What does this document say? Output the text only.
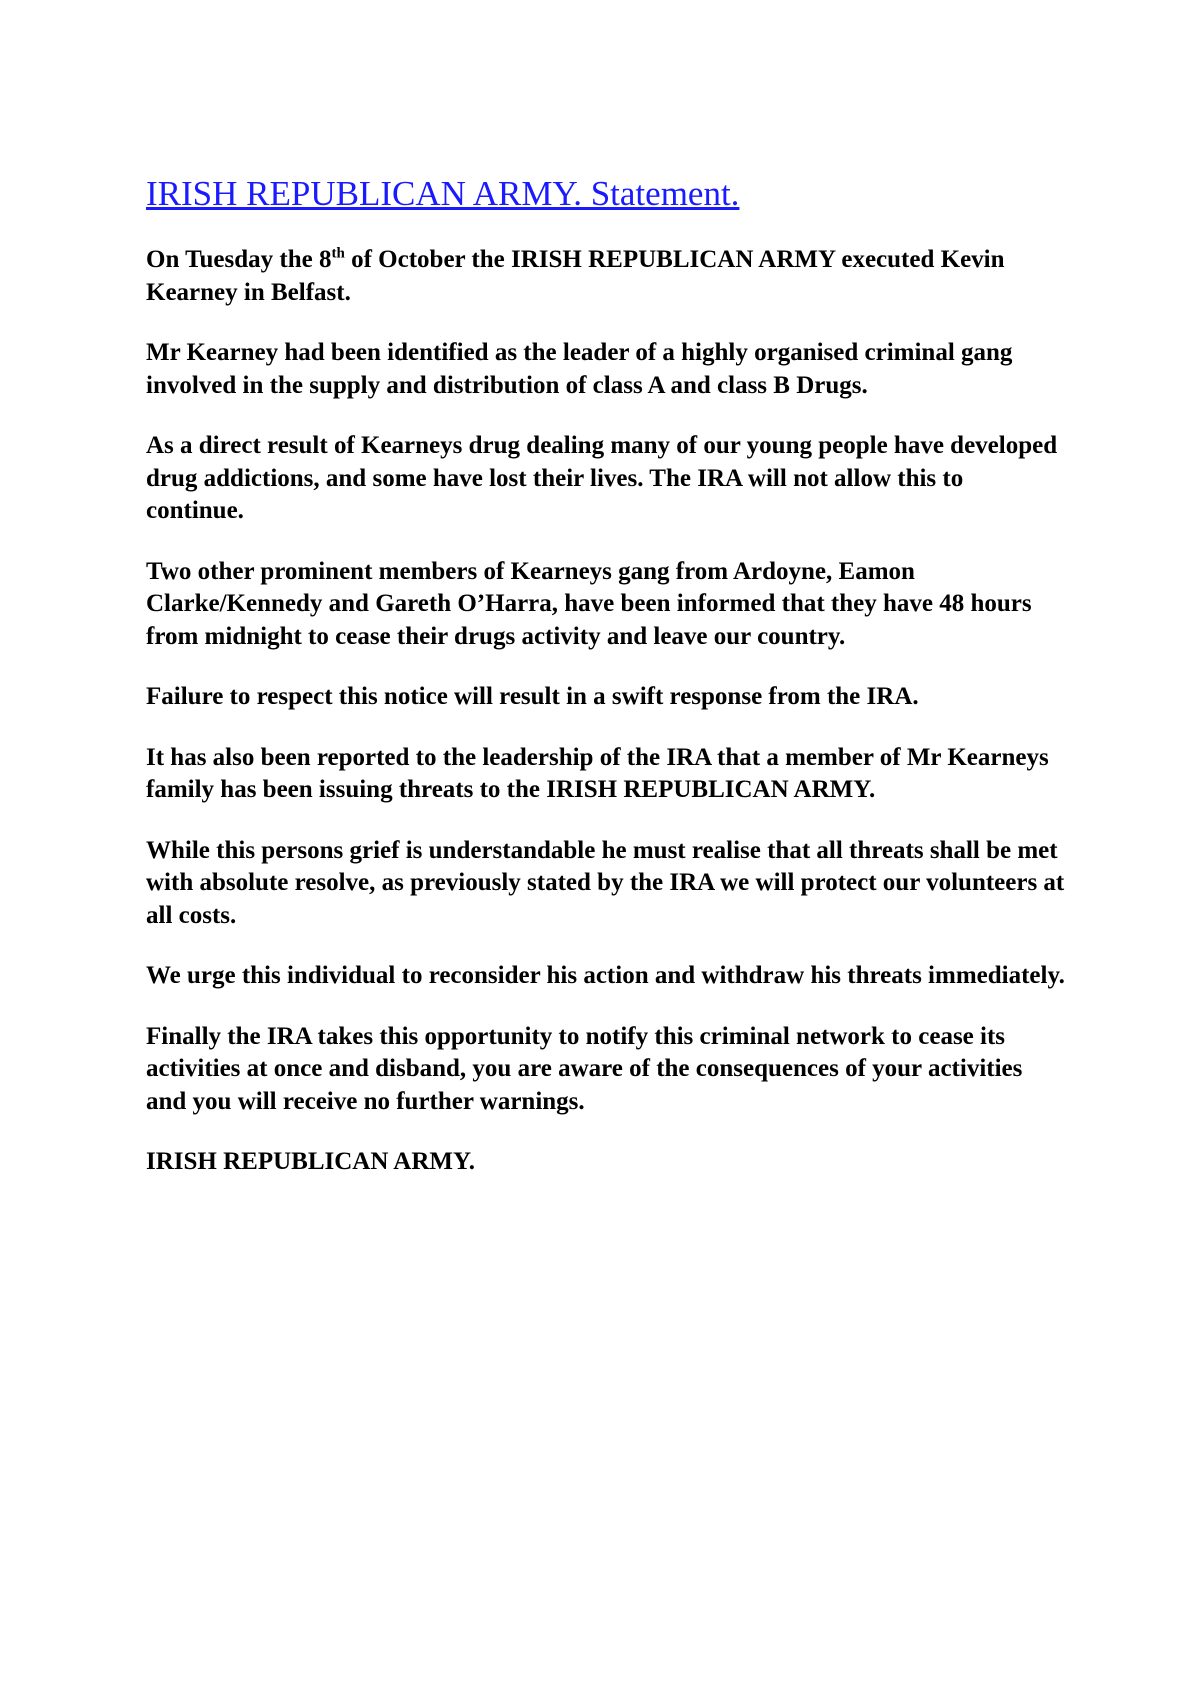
IRISH REPUBLICAN ARMY. Statement.

On Tuesday the 8th of October the IRISH REPUBLICAN ARMY executed Kevin Kearney in Belfast.

Mr Kearney had been identified as the leader of a highly organised criminal gang involved in the supply and distribution of class A and class B Drugs.

As a direct result of Kearneys drug dealing many of our young people have developed drug addictions, and some have lost their lives. The IRA will not allow this to continue.

Two other prominent members of Kearneys gang from Ardoyne, Eamon Clarke/Kennedy and Gareth O’Harra, have been informed that they have 48 hours from midnight to cease their drugs activity and leave our country.

Failure to respect this notice will result in a swift response from the IRA.

It has also been reported to the leadership of the IRA that a member of Mr Kearneys family has been issuing threats to the IRISH REPUBLICAN ARMY.

While this persons grief is understandable he must realise that all threats shall be met with absolute resolve, as previously stated by the IRA we will protect our volunteers at all costs.

We urge this individual to reconsider his action and withdraw his threats immediately.

Finally the IRA takes this opportunity to notify this criminal network to cease its activities at once and disband, you are aware of the consequences of your activities and you will receive no further warnings.

IRISH REPUBLICAN ARMY.
